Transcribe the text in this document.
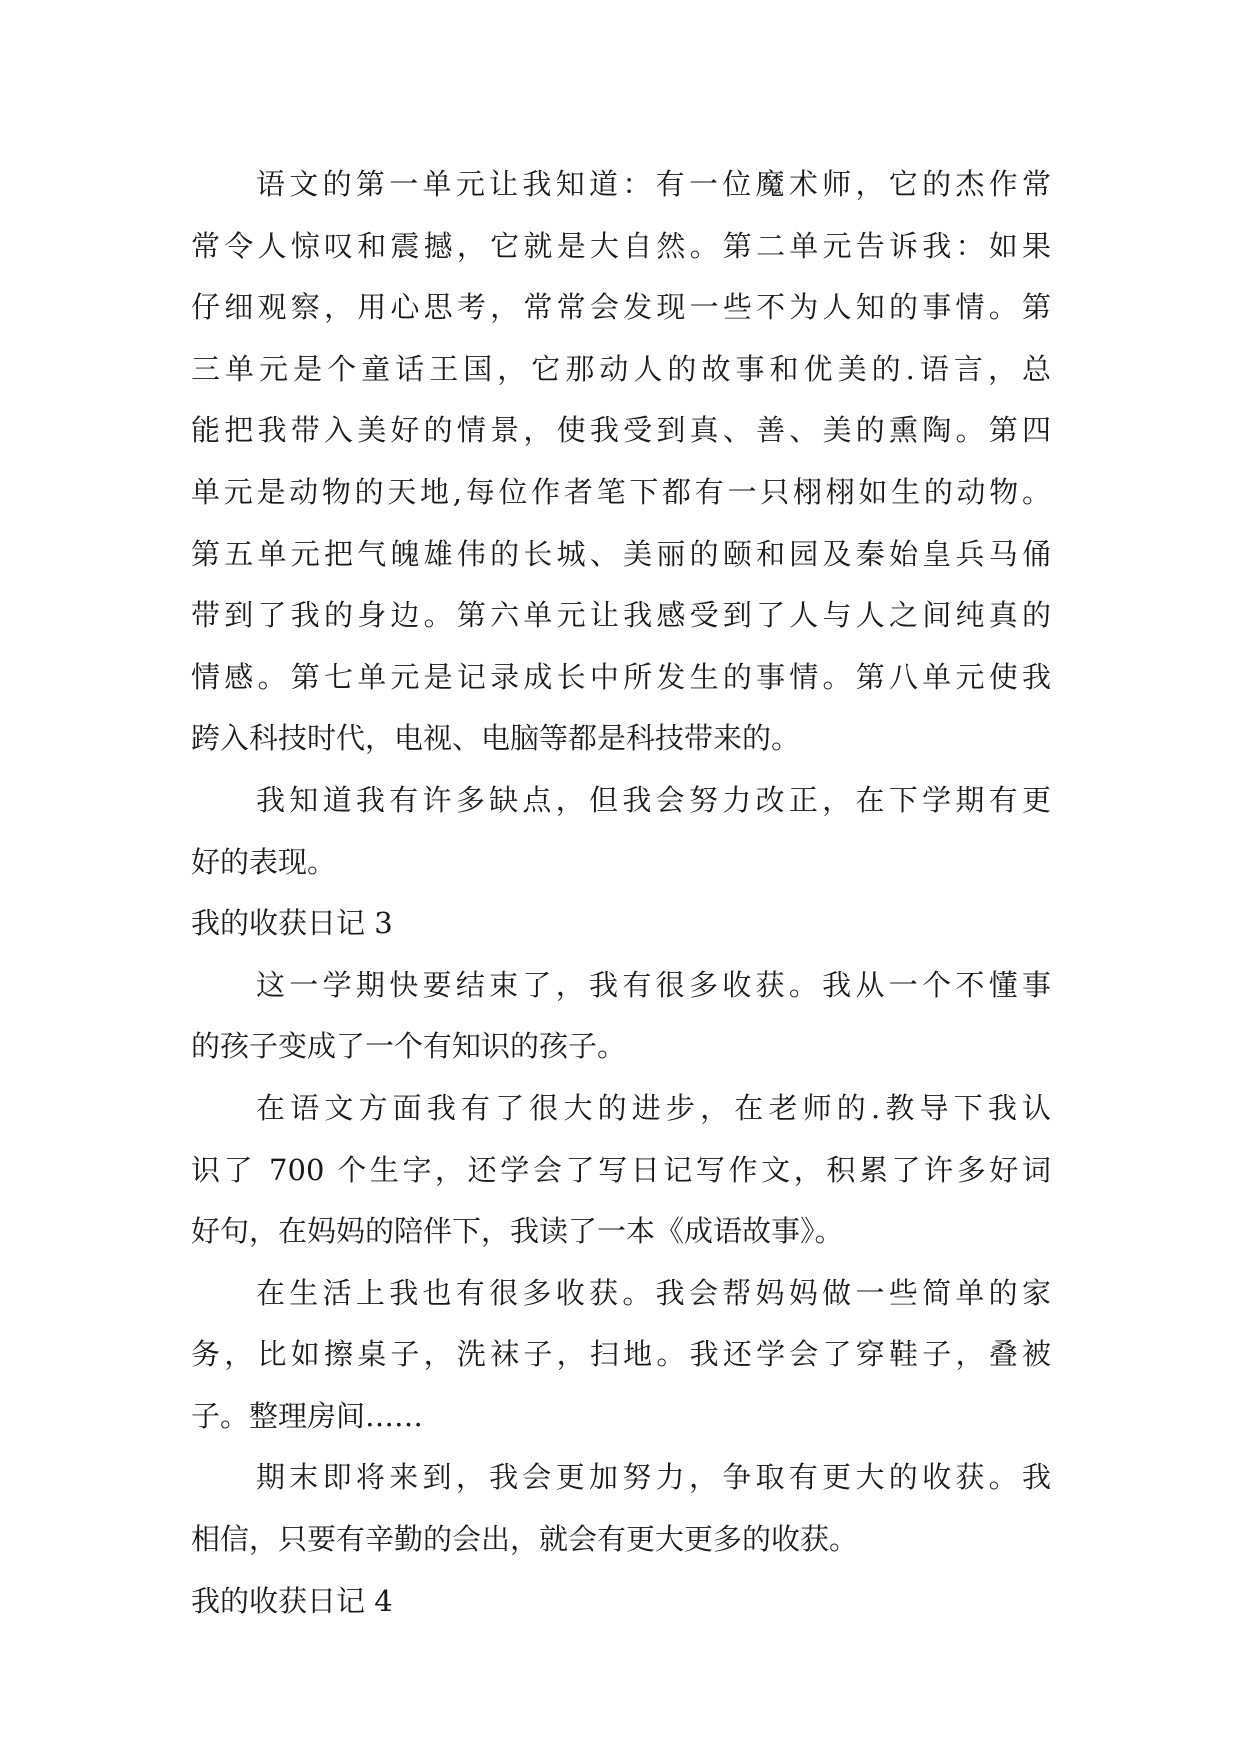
语文的第一单元让我知道：有一位魔术师，它的杰作常
常令人惊叹和震撼，它就是大自然。第二单元告诉我：如果
仔细观察，用心思考，常常会发现一些不为人知的事情。第
三单元是个童话王国，它那动人的故事和优美的.语言，总
能把我带入美好的情景，使我受到真、善、美的熏陶。第四
单元是动物的天地,每位作者笔下都有一只栩栩如生的动物。
第五单元把气魄雄伟的长城、美丽的颐和园及秦始皇兵马俑
带到了我的身边。第六单元让我感受到了人与人之间纯真的
情感。第七单元是记录成长中所发生的事情。第八单元使我
跨入科技时代，电视、电脑等都是科技带来的。
我知道我有许多缺点，但我会努力改正，在下学期有更
好的表现。
我的收获日记 3
这一学期快要结束了，我有很多收获。我从一个不懂事
的孩子变成了一个有知识的孩子。
在语文方面我有了很大的进步，在老师的.教导下我认
识了 700 个生字，还学会了写日记写作文，积累了许多好词
好句，在妈妈的陪伴下，我读了一本《成语故事》。
在生活上我也有很多收获。我会帮妈妈做一些简单的家
务，比如擦桌子，洗袜子，扫地。我还学会了穿鞋子，叠被
子。整理房间……
期末即将来到，我会更加努力，争取有更大的收获。我
相信，只要有辛勤的会出，就会有更大更多的收获。
我的收获日记 4
